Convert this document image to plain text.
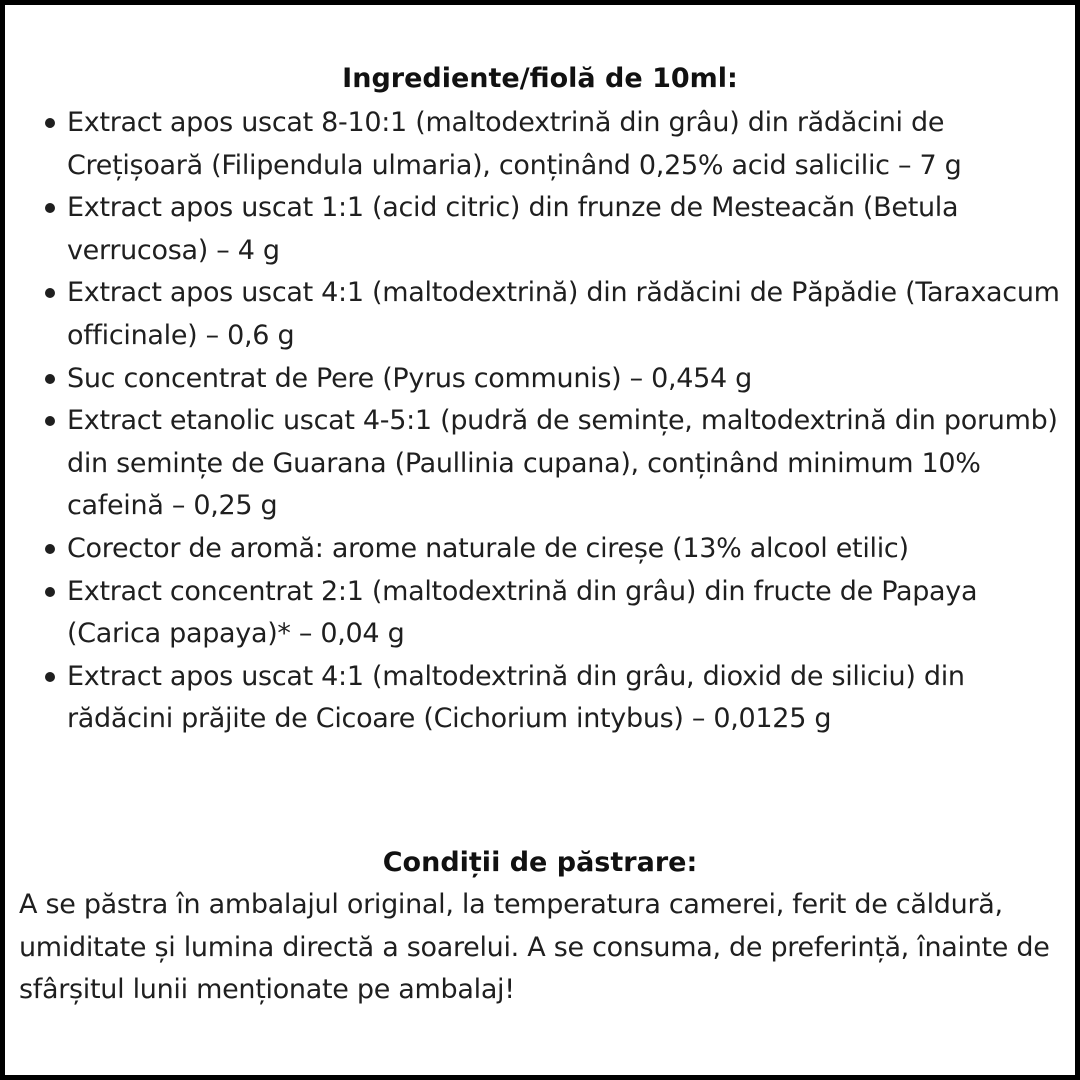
Ingrediente/fiolă de 10ml:
Extract apos uscat 8-10:1 (maltodextrină din grâu) din rădăcini de Crețișoară (Filipendula ulmaria), conținând 0,25% acid salicilic – 7 g
Extract apos uscat 1:1 (acid citric) din frunze de Mesteacăn (Betula verrucosa) – 4 g
Extract apos uscat 4:1 (maltodextrină) din rădăcini de Păpădie (Taraxacum officinale) – 0,6 g
Suc concentrat de Pere (Pyrus communis) – 0,454 g
Extract etanolic uscat 4-5:1 (pudră de semințe, maltodextrină din porumb) din semințe de Guarana (Paullinia cupana), conținând minimum 10% cafeină – 0,25 g
Corector de aromă: arome naturale de cireșe (13% alcool etilic)
Extract concentrat 2:1 (maltodextrină din grâu) din fructe de Papaya (Carica papaya)* – 0,04 g
Extract apos uscat 4:1 (maltodextrină din grâu, dioxid de siliciu) din rădăcini prăjite de Cicoare (Cichorium intybus) – 0,0125 g
Condiții de păstrare:

A se păstra în ambalajul original, la temperatura camerei, ferit de căldură, umiditate și lumina directă a soarelui. A se consuma, de preferință, înainte de sfârșitul lunii menționate pe ambalaj!
